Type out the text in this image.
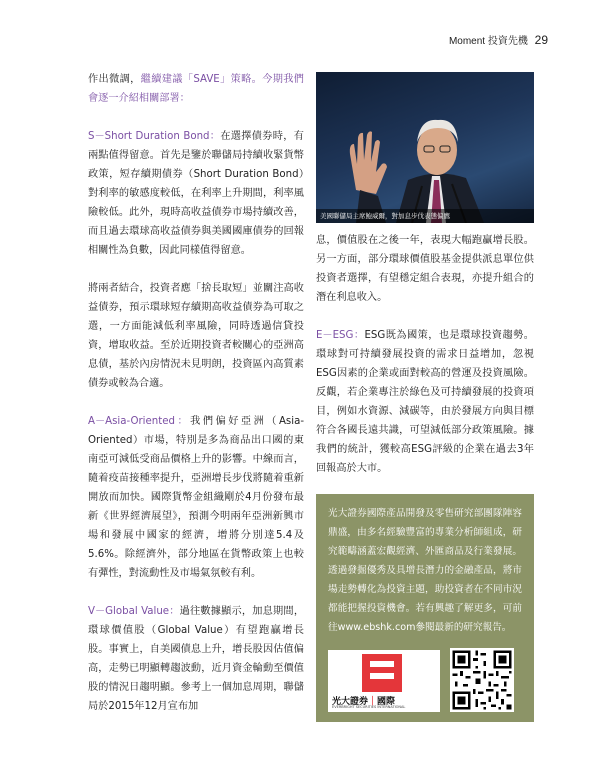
Moment 投資先機 29

作出微調，繼續建議「SAVE」策略。今期我們會逐一介紹相關部署：

S－Short Duration Bond：在選擇債券時，有兩點值得留意。首先是鑒於聯儲局持續收緊貨幣政策，短存續期債券（Short Duration Bond）對利率的敏感度較低，在利率上升期間，利率風險較低。此外，現時高收益債券市場持續改善，而且過去環球高收益債券與美國國庫債券的回報相關性為負數，因此同樣值得留意。

將兩者結合，投資者應「捨長取短」並關注高收益債券，預示環球短存續期高收益債券為可取之選，一方面能減低利率風險，同時透過信貸投資，增取收益。至於近期投資者較關心的亞洲高息債，基於內房情況未見明朗，投資區內高質素債券或較為合適。

A－Asia-Oriented：我們偏好亞洲（Asia-Oriented）市場，特別是多為商品出口國的東南亞可減低受商品價格上升的影響。中線而言，隨着疫苗接種率提升，亞洲增長步伐將隨着重新開放而加快。國際貨幣金組織剛於4月份發布最新《世界經濟展望》，預測今明兩年亞洲新興市場和發展中國家的經濟，增將分別達5.4及5.6%。除經濟外，部分地區在貨幣政策上也較有彈性，對流動性及市場氣氛較有利。

V－Global Value：過往數據顯示，加息期間，環球價值股（Global Value）有望跑贏增長股。事實上，自美國債息上升，增長股因估值偏高，走勢已明顯轉趨波動，近月資金輪動至價值股的情況日趨明顯。參考上一個加息周期，聯儲局於2015年12月宣布加

美國聯儲局主席鮑威爾，對加息步伐表態偏鷹

息，價值股在之後一年，表現大幅跑贏增長股。另一方面，部分環球價值股基金提供派息單位供投資者選擇，有望穩定組合表現，亦提升組合的潛在利息收入。

E－ESG：ESG既為國策，也是環球投資趨勢。環球對可持續發展投資的需求日益增加，忽視ESG因素的企業或面對較高的營運及投資風險。反觀，若企業專注於綠色及可持續發展的投資項目，例如水資源、減碳等，由於發展方向與目標符合各國長遠共識，可望減低部分政策風險。據我們的統計，獲較高ESG評級的企業在過去3年回報高於大市。

光大證券國際產品開發及零售研究部團隊陣容鼎盛，由多名經驗豐富的專業分析師組成，研究範疇涵蓋宏觀經濟、外匯商品及行業發展。透過發掘優秀及具增長潛力的金融產品，將市場走勢轉化為投資主題，助投資者在不同市況都能把握投資機會。若有興趣了解更多，可前往www.ebshk.com參閱最新的研究報告。
光大證券｜國際
EVERBRIGHT SECURITIES INTERNATIONAL
